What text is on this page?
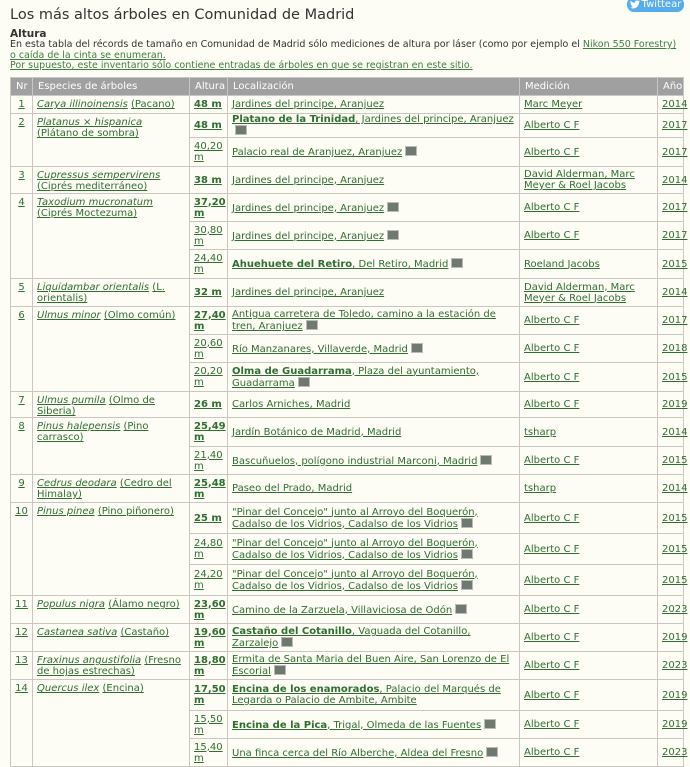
Twittear
Los más altos árboles en Comunidad de Madrid
Altura
En esta tabla del récords de tamaño en Comunidad de Madrid sólo mediciones de altura por láser (como por ejemplo el Nikon 550 Forestry) o caída de la cinta se enumeran.
Por supuesto, este inventario sólo contiene entradas de árboles en que se registran en este sitio.
Nr	Especies de árboles	Altura	Localización	Medición	Año
1	Carya illinoinensis (Pacano)	48 m	Jardines del principe, Aranjuez	Marc Meyer	2014
2	Platanus × hispanica (Plátano de sombra)	48 m	Platano de la Trinidad, Jardines del principe, Aranjuez	Alberto C F	2017
		40,20 m	Palacio real de Aranjuez, Aranjuez	Alberto C F	2017
3	Cupressus sempervirens (Ciprés mediterráneo)	38 m	Jardines del principe, Aranjuez	David Alderman, Marc Meyer & Roel Jacobs	2014
4	Taxodium mucronatum (Ciprés Moctezuma)	37,20 m	Jardines del principe, Aranjuez	Alberto C F	2017
		30,80 m	Jardines del principe, Aranjuez	Alberto C F	2017
		24,40 m	Ahuehuete del Retiro, Del Retiro, Madrid	Roeland Jacobs	2015
5	Liquidambar orientalis (L. orientalis)	32 m	Jardines del principe, Aranjuez	David Alderman, Marc Meyer & Roel Jacobs	2014
6	Ulmus minor (Olmo común)	27,40 m	Antigua carretera de Toledo, camino a la estación de tren, Aranjuez	Alberto C F	2017
		20,60 m	Río Manzanares, Villaverde, Madrid	Alberto C F	2018
		20,20 m	Olma de Guadarrama, Plaza del ayuntamiento, Guadarrama	Alberto C F	2015
7	Ulmus pumila (Olmo de Siberia)	26 m	Carlos Arniches, Madrid	Alberto C F	2019
8	Pinus halepensis (Pino carrasco)	25,49 m	Jardín Botánico de Madrid, Madrid	tsharp	2014
		21,40 m	Bascuñuelos, polígono industrial Marconi, Madrid	Alberto C F	2015
9	Cedrus deodara (Cedro del Himalay)	25,48 m	Paseo del Prado, Madrid	tsharp	2014
10	Pinus pinea (Pino piñonero)	25 m	"Pinar del Concejo" junto al Arroyo del Boquerón, Cadalso de los Vidrios, Cadalso de los Vidrios	Alberto C F	2015
		24,80 m	"Pinar del Concejo" junto al Arroyo del Boquerón, Cadalso de los Vidrios, Cadalso de los Vidrios	Alberto C F	2015
		24,20 m	"Pinar del Concejo" junto al Arroyo del Boquerón, Cadalso de los Vidrios, Cadalso de los Vidrios	Alberto C F	2015
11	Populus nigra (Álamo negro)	23,60 m	Camino de la Zarzuela, Villaviciosa de Odón	Alberto C F	2023
12	Castanea sativa (Castaño)	19,60 m	Castaño del Cotanillo, Vaguada del Cotanillo, Zarzalejo	Alberto C F	2019
13	Fraxinus angustifolia (Fresno de hojas estrechas)	18,80 m	Ermita de Santa Maria del Buen Aire, San Lorenzo de El Escorial	Alberto C F	2023
14	Quercus ilex (Encina)	17,50 m	Encina de los enamorados, Palacio del Marqués de Legarda o Palacio de Ambite, Ambite	Alberto C F	2019
		15,50 m	Encina de la Pica, Trigal, Olmeda de las Fuentes	Alberto C F	2019
		15,40 m	Una finca cerca del Río Alberche, Aldea del Fresno	Alberto C F	2023
